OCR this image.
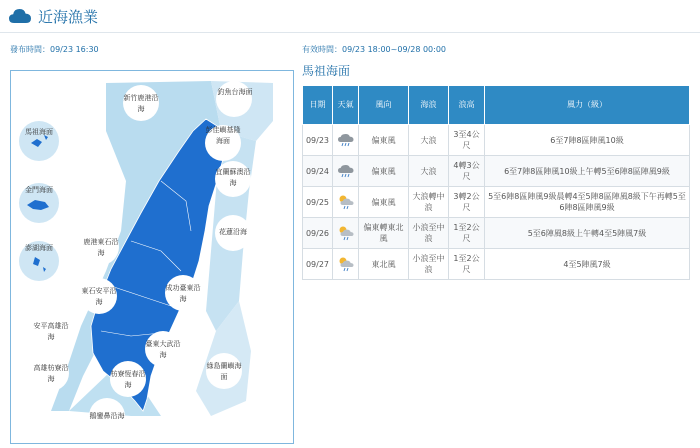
近海漁業
發布時間：09/23 16:30	有效時間：09/23 18:00~09/28 00:00
馬祖海面
釣魚台海面
彭佳嶼基隆海面
新竹鹿港沿海
馬祖海面
金門海面
澎湖海面
宜蘭蘇澳沿海
花蓮沿海
鹿港東石沿海
東石安平沿海
成功臺東沿海
安平高雄沿海
臺東大武沿海
高雄枋寮沿海
枋寮恆春沿海
綠島蘭嶼海面
鵝鑾鼻沿海
日期	天氣	風向	海浪	浪高	風力（級）
09/23		偏東風	大浪	3至4公尺	6至7陣8區陣風10級
09/24		偏東風	大浪	4轉3公尺	6至7陣8區陣風10級上午轉5至6陣8區陣風9級
09/25		偏東風	大浪轉中浪	3轉2公尺	5至6陣8區陣風9級晨轉4至5陣8區陣風8級下午再轉5至6陣8區陣風9級
09/26		偏東轉東北風	小浪至中浪	1至2公尺	5至6陣風8級上午轉4至5陣風7級
09/27		東北風	小浪至中浪	1至2公尺	4至5陣風7級
